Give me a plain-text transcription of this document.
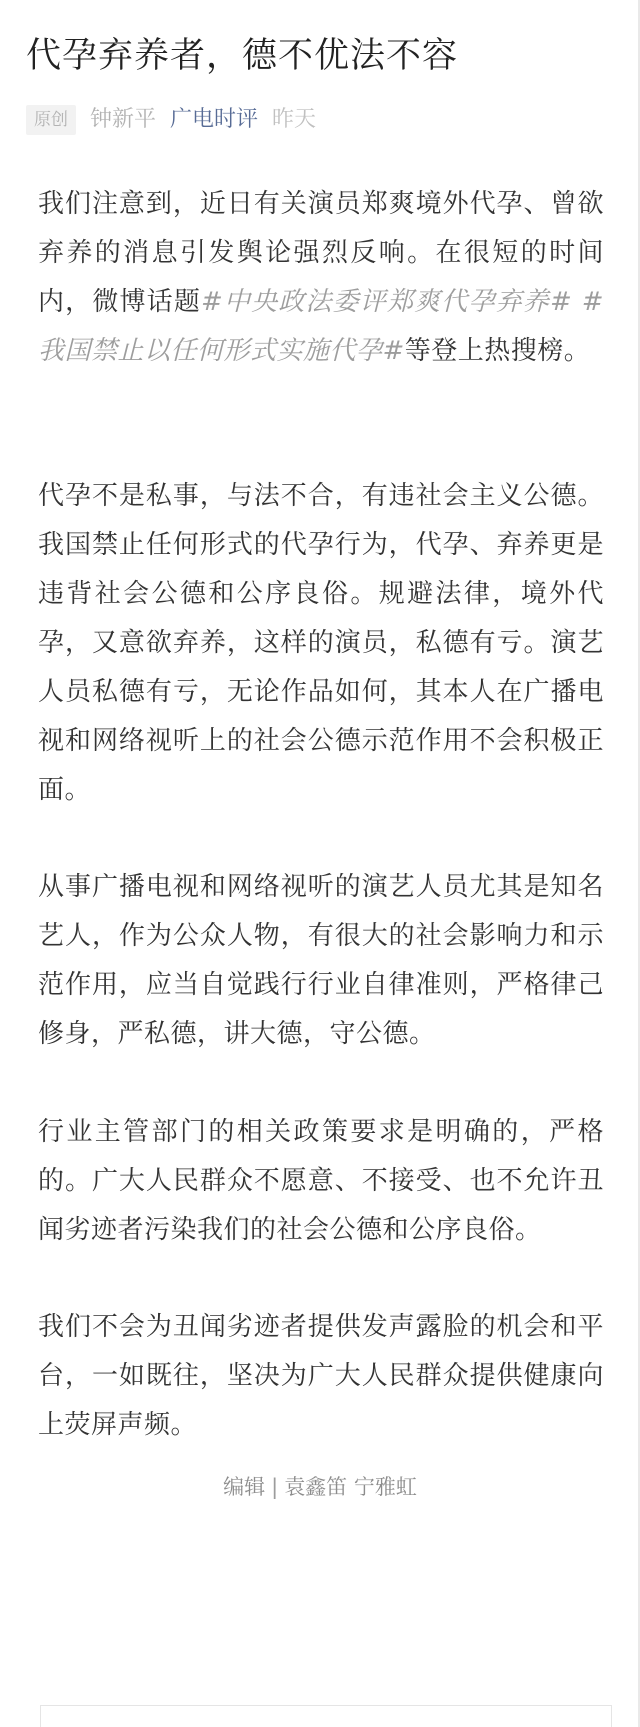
代孕弃养者，德不优法不容
原创	钟新平 广电时评 昨天

我们注意到，近日有关演员郑爽境外代孕、曾欲弃养的消息引发舆论强烈反响。在很短的时间内，微博话题#中央政法委评郑爽代孕弃养# #我国禁止以任何形式实施代孕#等登上热搜榜。

代孕不是私事，与法不合，有违社会主义公德。我国禁止任何形式的代孕行为，代孕、弃养更是违背社会公德和公序良俗。规避法律，境外代孕，又意欲弃养，这样的演员，私德有亏。演艺人员私德有亏，无论作品如何，其本人在广播电视和网络视听上的社会公德示范作用不会积极正面。

从事广播电视和网络视听的演艺人员尤其是知名艺人，作为公众人物，有很大的社会影响力和示范作用，应当自觉践行行业自律准则，严格律己修身，严私德，讲大德，守公德。

行业主管部门的相关政策要求是明确的，严格的。广大人民群众不愿意、不接受、也不允许丑闻劣迹者污染我们的社会公德和公序良俗。

我们不会为丑闻劣迹者提供发声露脸的机会和平台，一如既往，坚决为广大人民群众提供健康向上荧屏声频。

编辑 | 袁鑫笛 宁雅虹
